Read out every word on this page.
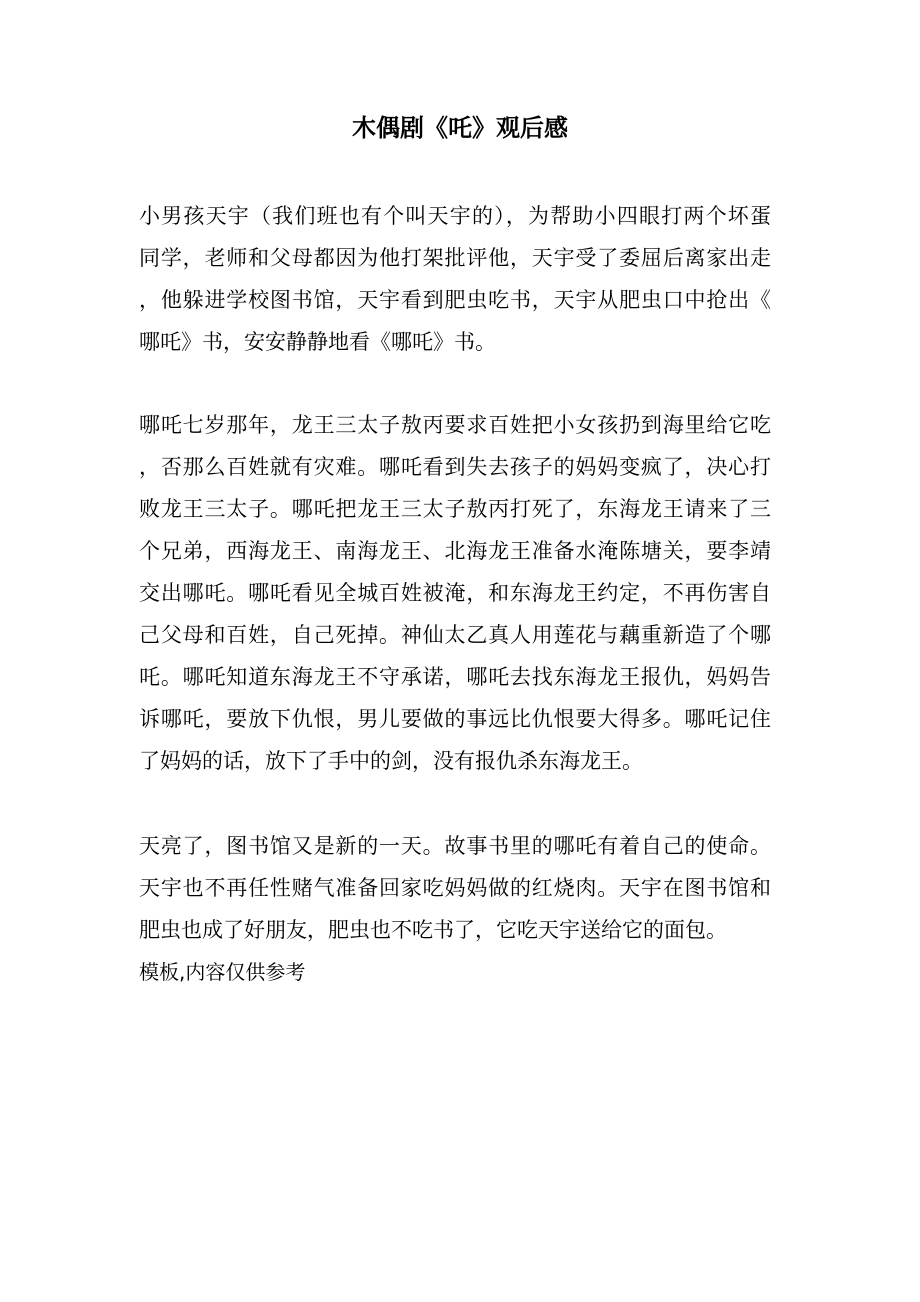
木偶剧《吒》观后感

小男孩天宇（我们班也有个叫天宇的），为帮助小四眼打两个坏蛋

同学，老师和父母都因为他打架批评他，天宇受了委屈后离家出走

，他躲进学校图书馆，天宇看到肥虫吃书，天宇从肥虫口中抢出《

哪吒》书，安安静静地看《哪吒》书。

哪吒七岁那年，龙王三太子敖丙要求百姓把小女孩扔到海里给它吃

，否那么百姓就有灾难。哪吒看到失去孩子的妈妈变疯了，决心打

败龙王三太子。哪吒把龙王三太子敖丙打死了，东海龙王请来了三

个兄弟，西海龙王、南海龙王、北海龙王准备水淹陈塘关，要李靖

交出哪吒。哪吒看见全城百姓被淹，和东海龙王约定，不再伤害自

己父母和百姓，自己死掉。神仙太乙真人用莲花与藕重新造了个哪

吒。哪吒知道东海龙王不守承诺，哪吒去找东海龙王报仇，妈妈告

诉哪吒，要放下仇恨，男儿要做的事远比仇恨要大得多。哪吒记住

了妈妈的话，放下了手中的剑，没有报仇杀东海龙王。

天亮了，图书馆又是新的一天。故事书里的哪吒有着自己的使命。

天宇也不再任性赌气准备回家吃妈妈做的红烧肉。天宇在图书馆和

肥虫也成了好朋友，肥虫也不吃书了，它吃天宇送给它的面包。

模板,内容仅供参考
